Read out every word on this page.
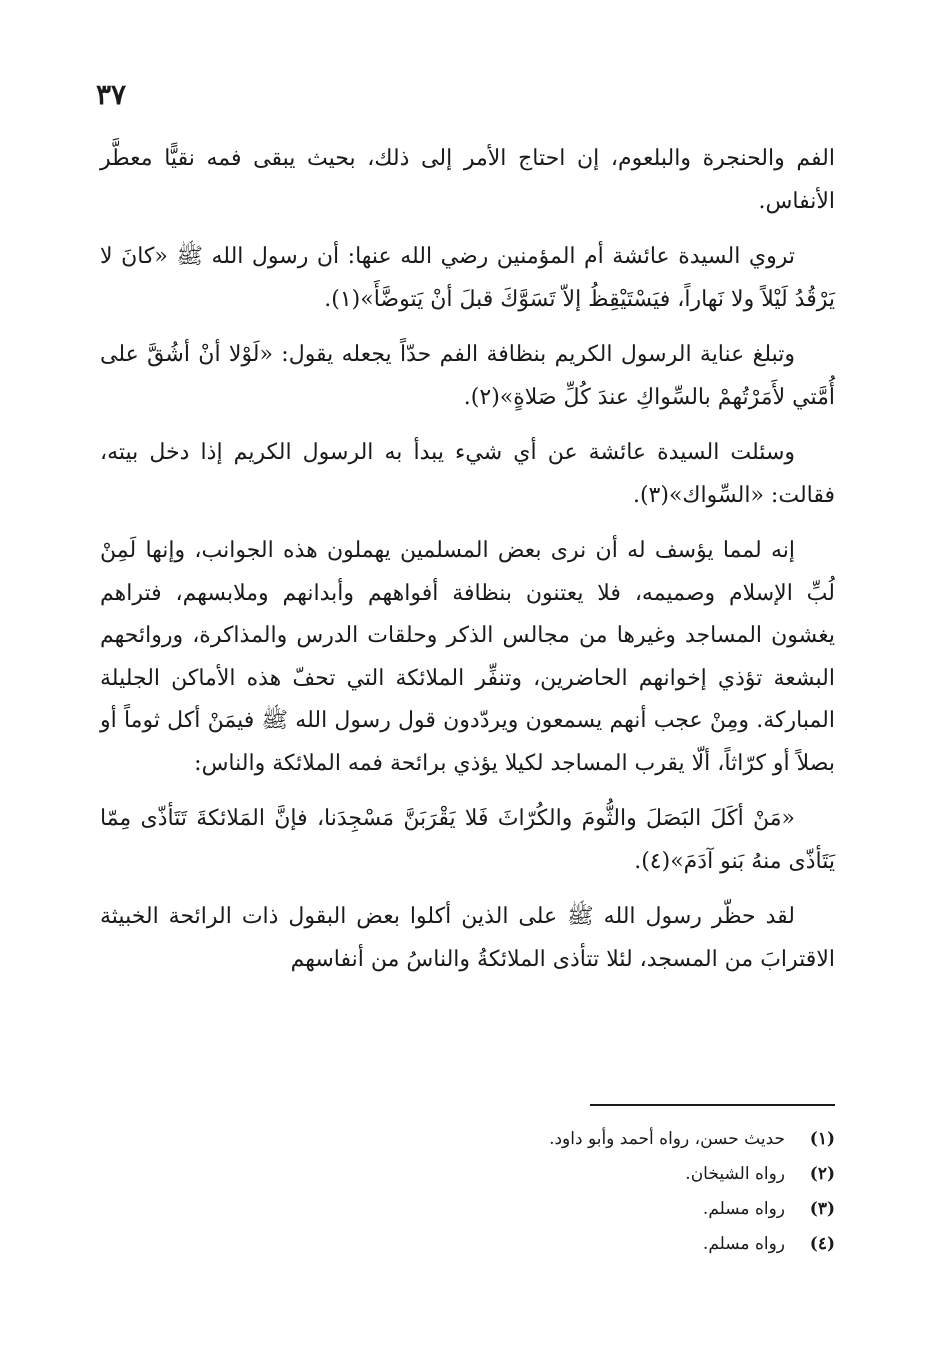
٣٧

الفم والحنجرة والبلعوم، إن احتاج الأمر إلى ذلك، بحيث يبقى فمه نقيًّا معطَّر الأنفاس.

تروي السيدة عائشة أم المؤمنين رضي الله عنها: أن رسول الله ﷺ «كانَ لا يَرْقُدُ لَيْلاً ولا نَهاراً، فيَسْتَيْقِظُ إلاّ تَسَوَّكَ قبلَ أنْ يَتوضَّأَ»(١).

وتبلغ عناية الرسول الكريم بنظافة الفم حدّاً يجعله يقول: «لَوْلا أنْ أشُقَّ على أُمَّتي لأَمَرْتُهمْ بالسِّواكِ عندَ كُلِّ صَلاةٍ»(٢).

وسئلت السيدة عائشة عن أي شيء يبدأ به الرسول الكريم إذا دخل بيته، فقالت: «السِّواك»(٣).

إنه لمما يؤسف له أن نرى بعض المسلمين يهملون هذه الجوانب، وإنها لَمِنْ لُبِّ الإسلام وصميمه، فلا يعتنون بنظافة أفواههم وأبدانهم وملابسهم، فتراهم يغشون المساجد وغيرها من مجالس الذكر وحلقات الدرس والمذاكرة، وروائحهم البشعة تؤذي إخوانهم الحاضرين، وتنفِّر الملائكة التي تحفّ هذه الأماكن الجليلة المباركة. ومِنْ عجب أنهم يسمعون ويردّدون قول رسول الله ﷺ فيمَنْ أكل ثوماً أو بصلاً أو كرّاثاً، ألّا يقرب المساجد لكيلا يؤذي برائحة فمه الملائكة والناس:

«مَنْ أكَلَ البَصَلَ والثُّومَ والكُرّاثَ فَلا يَقْرَبَنَّ مَسْجِدَنا، فإنَّ المَلائكةَ تَتَأذّى مِمّا يَتَأذّى منهُ بَنو آدَمَ»(٤).

لقد حظّر رسول الله ﷺ على الذين أكلوا بعض البقول ذات الرائحة الخبيثة الاقترابَ من المسجد، لئلا تتأذى الملائكةُ والناسُ من أنفاسهم

(١)
حديث حسن، رواه أحمد وأبو داود.
(٢)
رواه الشيخان.
(٣)
رواه مسلم.
(٤)
رواه مسلم.
